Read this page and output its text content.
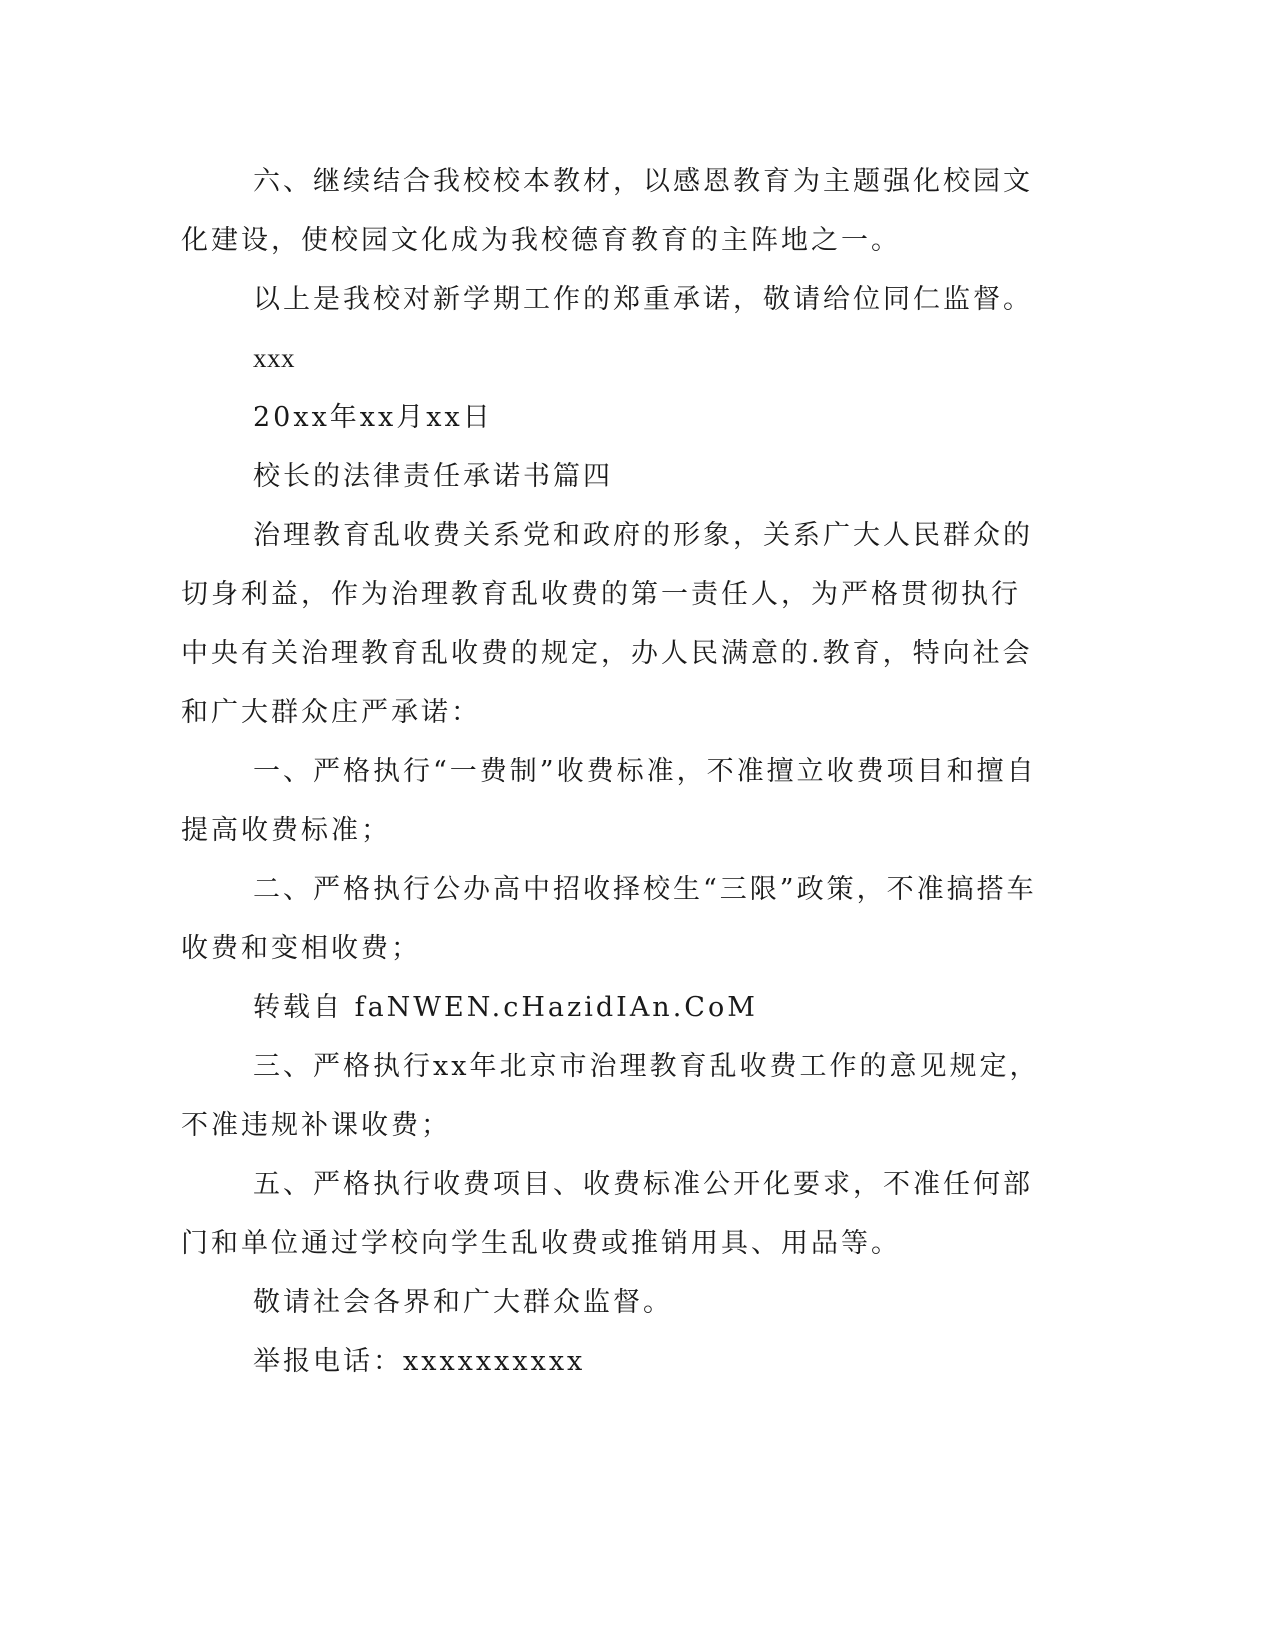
六、继续结合我校校本教材，以感恩教育为主题强化校园文化建设，使校园文化成为我校德育教育的主阵地之一。

以上是我校对新学期工作的郑重承诺，敬请给位同仁监督。

xxx

20xx年xx月xx日

校长的法律责任承诺书篇四

治理教育乱收费关系党和政府的形象，关系广大人民群众的切身利益，作为治理教育乱收费的第一责任人，为严格贯彻执行中央有关治理教育乱收费的规定，办人民满意的.教育，特向社会和广大群众庄严承诺：

一、严格执行“一费制”收费标准，不准擅立收费项目和擅自提高收费标准；

二、严格执行公办高中招收择校生“三限”政策，不准搞搭车收费和变相收费；

转载自 faNWEN.cHazidIAn.CoM

三、严格执行xx年北京市治理教育乱收费工作的意见规定，不准违规补课收费；

五、严格执行收费项目、收费标准公开化要求，不准任何部门和单位通过学校向学生乱收费或推销用具、用品等。

敬请社会各界和广大群众监督。

举报电话：xxxxxxxxxx
